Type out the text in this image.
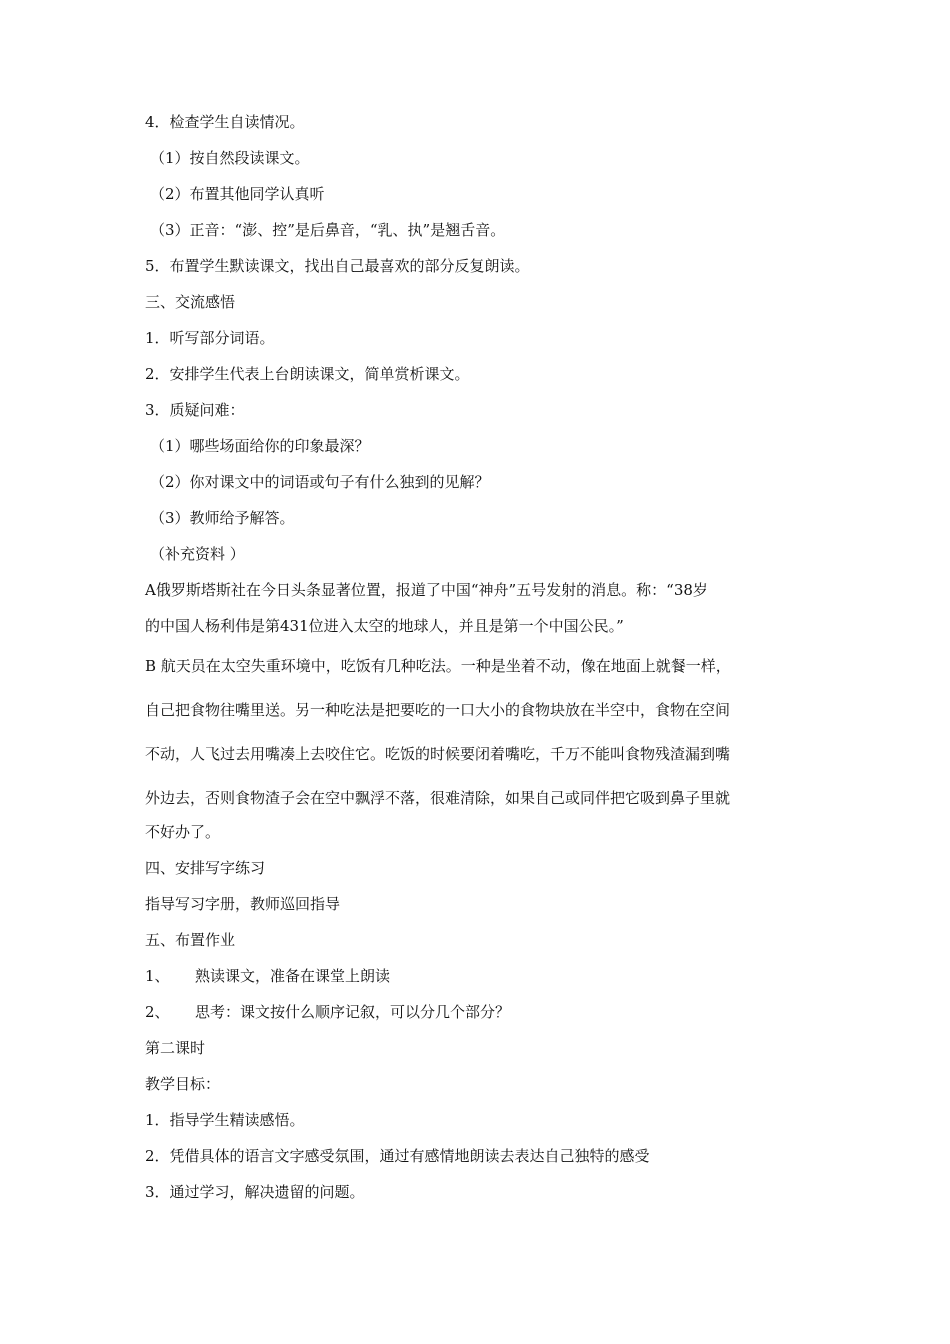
4．检查学生自读情况。
（1）按自然段读课文。
（2）布置其他同学认真听
（3）正音：“澎、控”是后鼻音，“乳、执”是翘舌音。
5．布置学生默读课文，找出自己最喜欢的部分反复朗读。
三、交流感悟
1．听写部分词语。
2．安排学生代表上台朗读课文，简单赏析课文。
3．质疑问难：
（1）哪些场面给你的印象最深？
（2）你对课文中的词语或句子有什么独到的见解？
（3）教师给予解答。
（补充资料 ）
A俄罗斯塔斯社在今日头条显著位置，报道了中国“神舟”五号发射的消息。称：“38岁
的中国人杨利伟是第431位进入太空的地球人，并且是第一个中国公民。”
B 航天员在太空失重环境中，吃饭有几种吃法。一种是坐着不动，像在地面上就餐一样，
自己把食物往嘴里送。另一种吃法是把要吃的一口大小的食物块放在半空中，食物在空间
不动，人飞过去用嘴凑上去咬住它。吃饭的时候要闭着嘴吃，千万不能叫食物残渣漏到嘴
外边去，否则食物渣子会在空中飘浮不落，很难清除，如果自己或同伴把它吸到鼻子里就
不好办了。
四、安排写字练习
指导写习字册，教师巡回指导
五、布置作业
1、 熟读课文，准备在课堂上朗读
2、 思考：课文按什么顺序记叙，可以分几个部分？
第二课时
教学目标：
1．指导学生精读感悟。
2．凭借具体的语言文字感受氛围，通过有感情地朗读去表达自己独特的感受
3．通过学习，解决遗留的问题。
